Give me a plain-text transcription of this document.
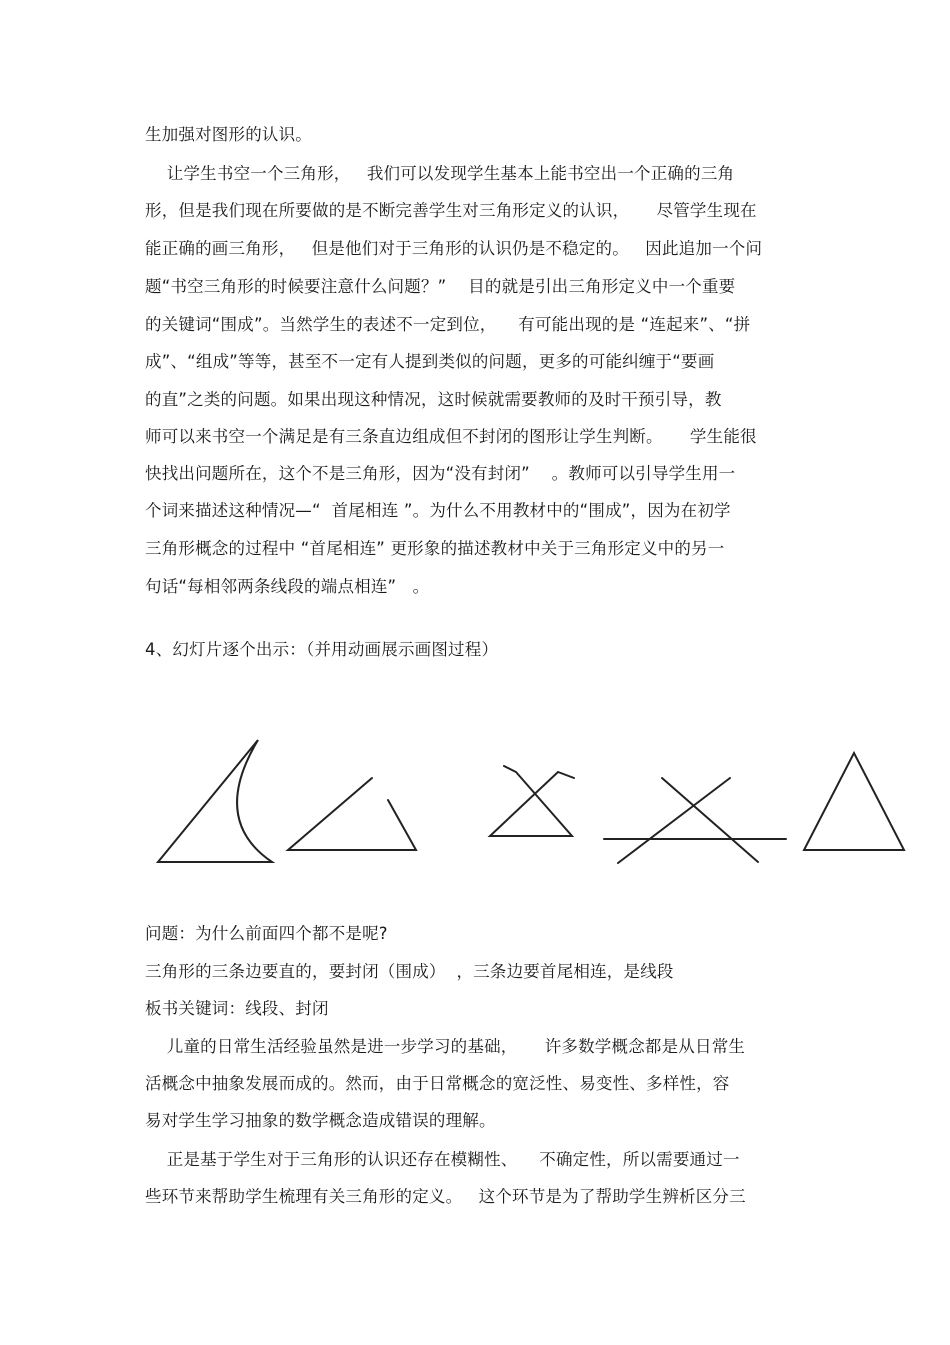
生加强对图形的认识。
让学生书空一个三角形，   我们可以发现学生基本上能书空出一个正确的三角
形，但是我们现在所要做的是不断完善学生对三角形定义的认识，     尽管学生现在
能正确的画三角形，   但是他们对于三角形的认识仍是不稳定的。   因此追加一个问
题“书空三角形的时候要注意什么问题？”    目的就是引出三角形定义中一个重要
的关键词“围成”。当然学生的表述不一定到位，    有可能出现的是 “连起来”、“拼
成”、“组成”等等，甚至不一定有人提到类似的问题，更多的可能纠缠于“要画
的直”之类的问题。如果出现这种情况，这时候就需要教师的及时干预引导，教
师可以来书空一个满足是有三条直边组成但不封闭的图形让学生判断。     学生能很
快找出问题所在，这个不是三角形，因为“没有封闭”    。教师可以引导学生用一
个词来描述这种情况—“  首尾相连 ”。为什么不用教材中的“围成”，因为在初学
三角形概念的过程中 “首尾相连” 更形象的描述教材中关于三角形定义中的另一
句话“每相邻两条线段的端点相连”   。
4、幻灯片逐个出示：（并用动画展示画图过程）
问题：为什么前面四个都不是呢?
三角形的三条边要直的，要封闭（围成）  ，三条边要首尾相连，是线段
板书关键词：线段、封闭
儿童的日常生活经验虽然是进一步学习的基础，     许多数学概念都是从日常生
活概念中抽象发展而成的。然而，由于日常概念的宽泛性、易变性、多样性，容
易对学生学习抽象的数学概念造成错误的理解。
正是基于学生对于三角形的认识还存在模糊性、    不确定性，所以需要通过一
些环节来帮助学生梳理有关三角形的定义。   这个环节是为了帮助学生辨析区分三
